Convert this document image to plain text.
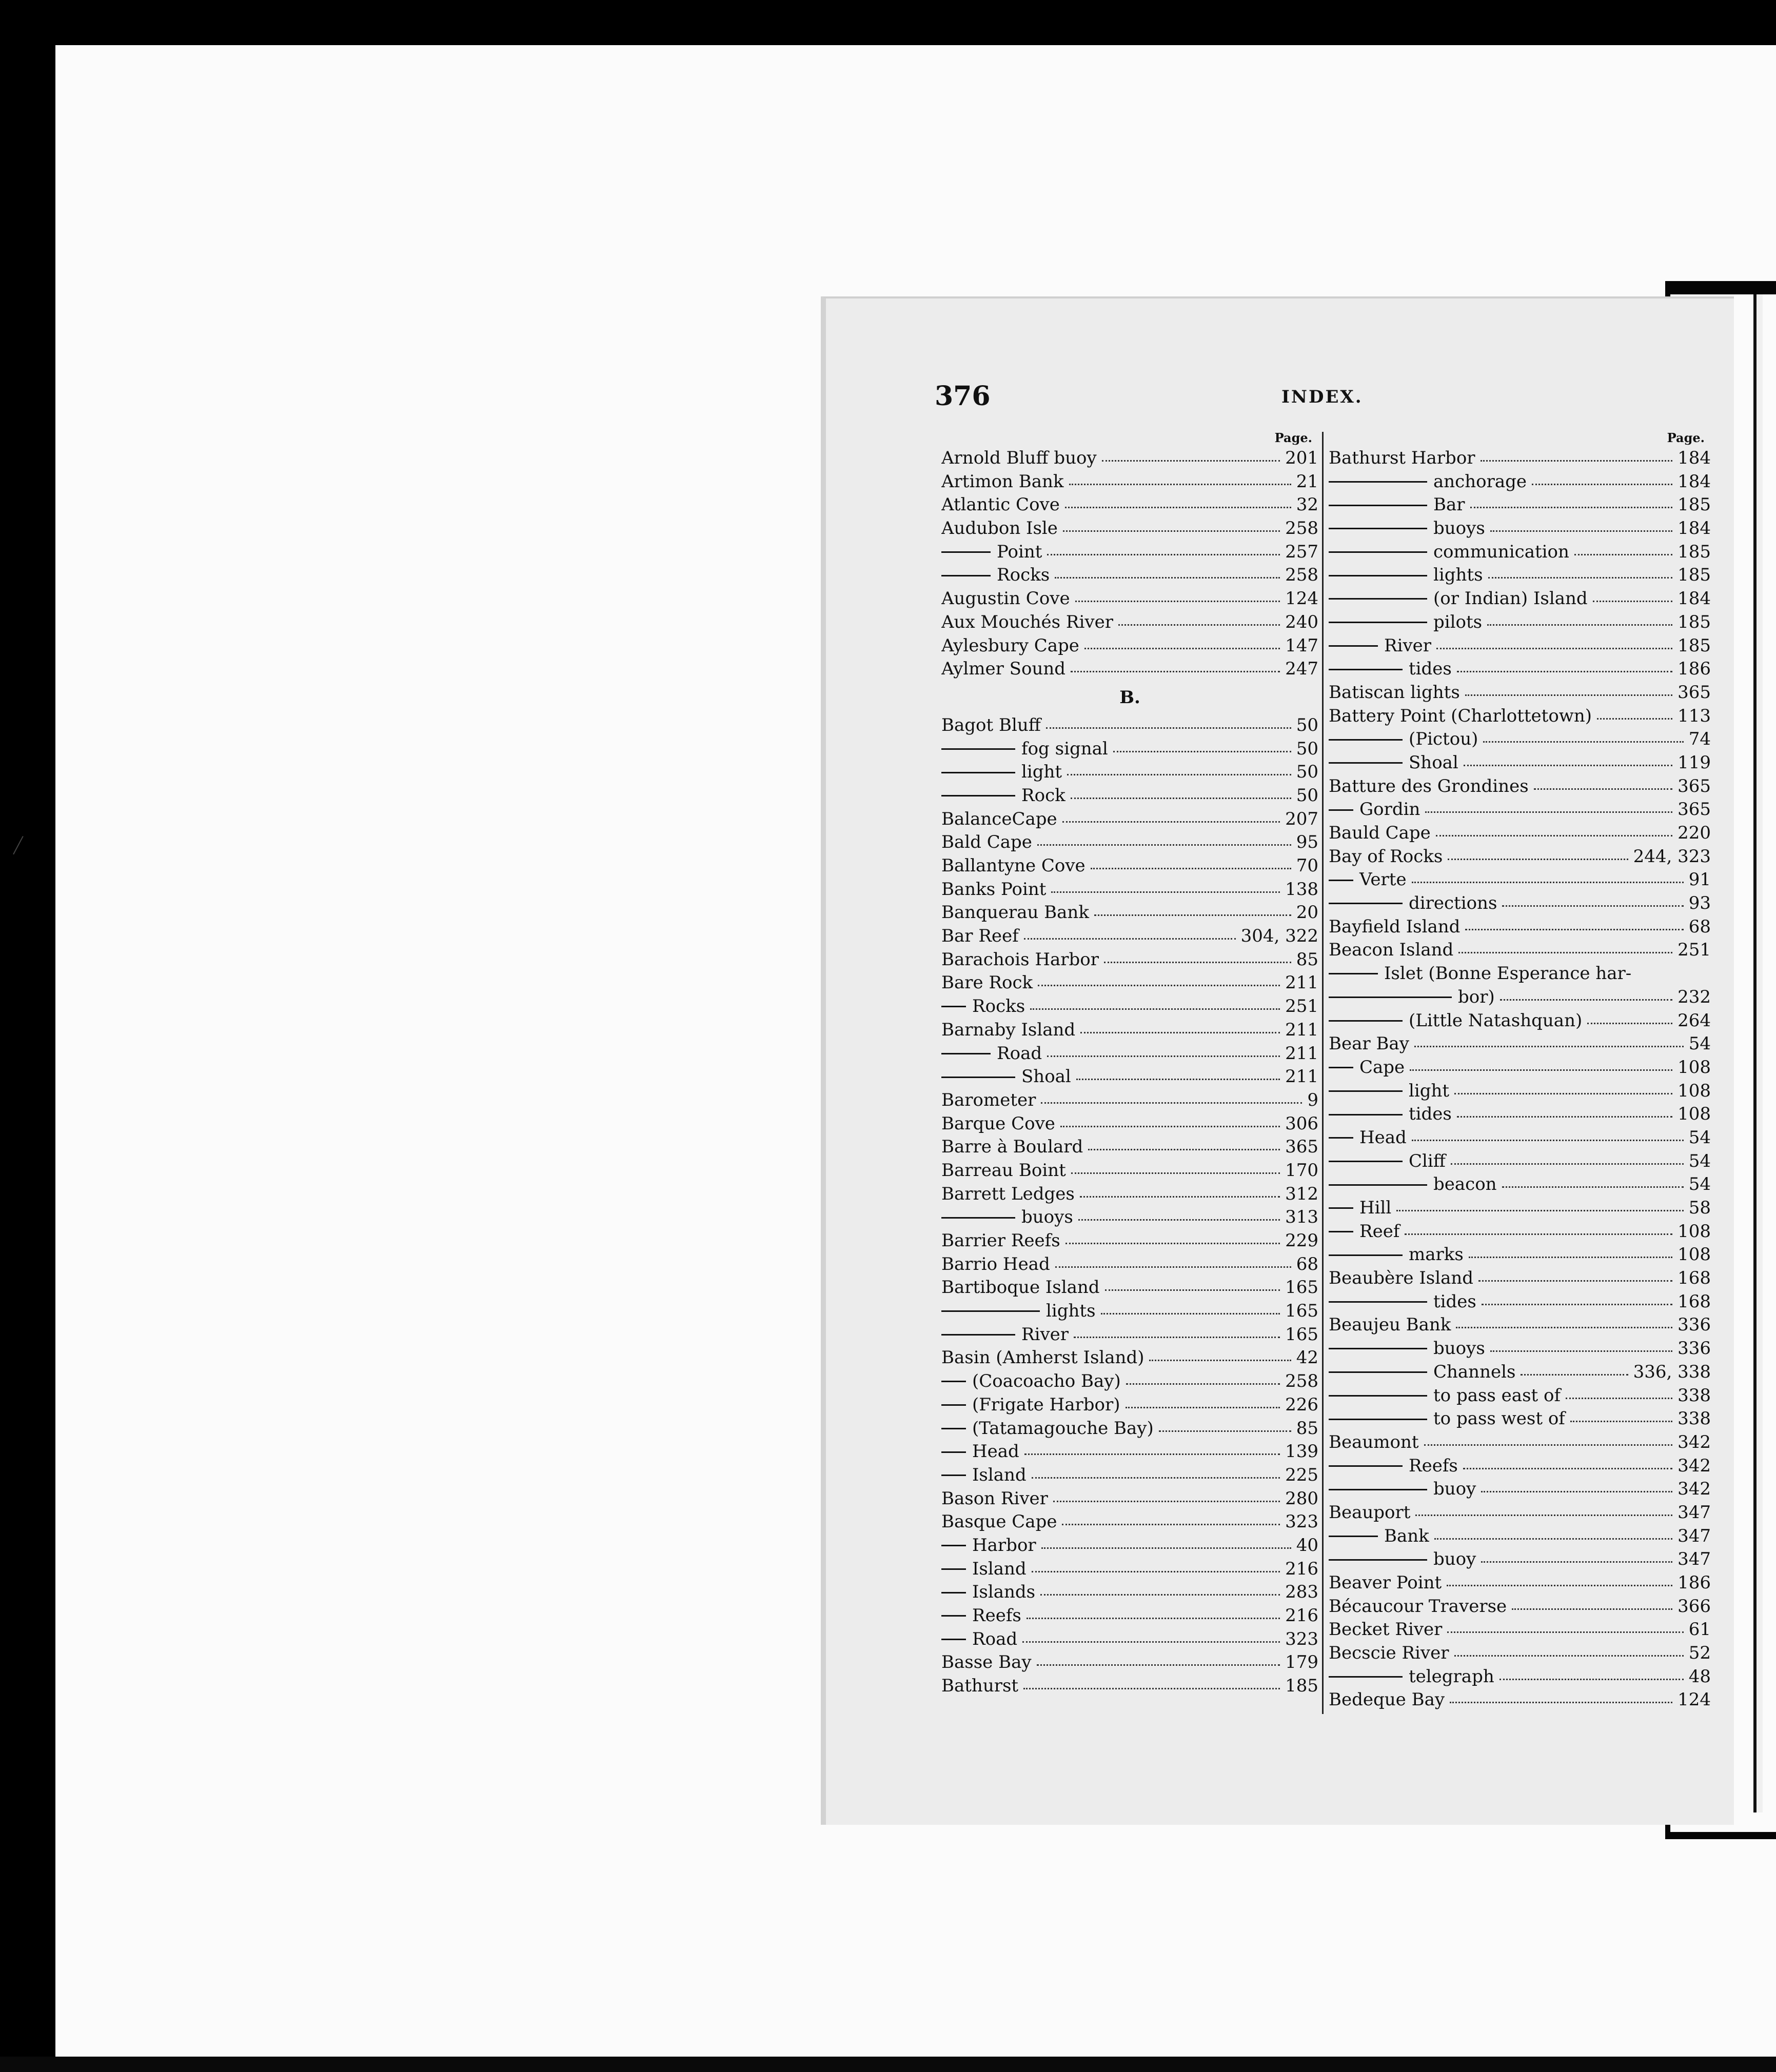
376	INDEX.
Page.
Arnold Bluff buoy	201
Artimon Bank	21
Atlantic Cove	32
Audubon Isle	258
Point	257
Rocks	258
Augustin Cove	124
Aux Mouchés River	240
Aylesbury Cape	147
Aylmer Sound	247
B.
Bagot Bluff	50
fog signal	50
light	50
Rock	50
BalanceCape	207
Bald Cape	95
Ballantyne Cove	70
Banks Point	138
Banquerau Bank	20
Bar Reef	304, 322
Barachois Harbor	85
Bare Rock	211
Rocks	251
Barnaby Island	211
Road	211
Shoal	211
Barometer	9
Barque Cove	306
Barre à Boulard	365
Barreau Boint	170
Barrett Ledges	312
buoys	313
Barrier Reefs	229
Barrio Head	68
Bartiboque Island	165
lights	165
River	165
Basin (Amherst Island)	42
(Coacoacho Bay)	258
(Frigate Harbor)	226
(Tatamagouche Bay)	85
Head	139
Island	225
Bason River	280
Basque Cape	323
Harbor	40
Island	216
Islands	283
Reefs	216
Road	323
Basse Bay	179
Bathurst	185
Page.
Bathurst Harbor	184
anchorage	184
Bar	185
buoys	184
communication	185
lights	185
(or Indian) Island	184
pilots	185
River	185
tides	186
Batiscan lights	365
Battery Point (Charlottetown)	113
(Pictou)	74
Shoal	119
Batture des Grondines	365
Gordin	365
Bauld Cape	220
Bay of Rocks	244, 323
Verte	91
directions	93
Bayfield Island	68
Beacon Island	251
Islet (Bonne Esperance har-
bor)	232
(Little Natashquan)	264
Bear Bay	54
Cape	108
light	108
tides	108
Head	54
Cliff	54
beacon	54
Hill	58
Reef	108
marks	108
Beaubère Island	168
tides	168
Beaujeu Bank	336
buoys	336
Channels	336, 338
to pass east of	338
to pass west of	338
Beaumont	342
Reefs	342
buoy	342
Beauport	347
Bank	347
buoy	347
Beaver Point	186
Bécaucour Traverse	366
Becket River	61
Becscie River	52
telegraph	48
Bedeque Bay	124
